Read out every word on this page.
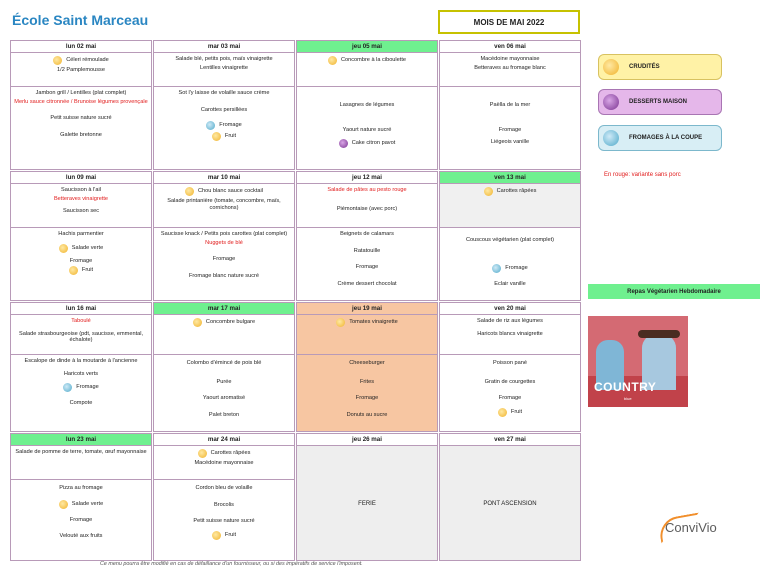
École Saint Marceau	MOIS DE MAI 2022
lun 02 mai
Céleri rémoulade
1/2 Pamplemousse
Jambon grill / Lentilles (plat complet)
Merlu sauce citronnée / Brunoise légumes provençale
Petit suisse nature sucré
Galette bretonne
mar 03 mai
Salade blé, petits pois, maïs vinaigrette
Lentilles vinaigrette
Sot l'y laisse de volaille sauce crème
Carottes persillées
Fromage
Fruit
jeu 05 mai
Concombre à la ciboulette
Lasagnes de légumes
Yaourt nature sucré
Cake citron pavot
ven 06 mai
Macédoine mayonnaise
Betteraves au fromage blanc
Paëlla de la mer
Fromage
Liégeois vanille
lun 09 mai
Saucisson à l'ail
Betteraves vinaigrette
Saucisson sec
Hachis parmentier
Salade verte
Fromage
Fruit
mar 10 mai
Chou blanc sauce cocktail
Salade printanière (tomate, concombre, maïs, cornichons)
Saucisse knack / Petits pois carottes (plat complet)
Nuggets de blé
Fromage
Fromage blanc nature sucré
jeu 12 mai
Salade de pâtes au pesto rouge
Piémontaise (avec porc)
Beignets de calamars
Ratatouille
Fromage
Crème dessert chocolat
ven 13 mai
Carottes râpées
Couscous végétarien (plat complet)
Fromage
Eclair vanille
lun 16 mai
Taboulé
Salade strasbourgeoise (pdt, saucisse, emmental, échalote)
Escalope de dinde à la moutarde à l'ancienne
Haricots verts
Fromage
Compote
mar 17 mai
Concombre bulgare
Colombo d'émincé de pois blé
Purée
Yaourt aromatisé
Palet breton
jeu 19 mai
Tomates vinaigrette
Cheeseburger
Frites
Fromage
Donuts au sucre
ven 20 mai
Salade de riz aux légumes
Haricots blancs vinaigrette
Poisson pané
Gratin de courgettes
Fromage
Fruit
lun 23 mai
Salade de pomme de terre, tomate, œuf mayonnaise
Pizza au fromage
Salade verte
Fromage
Velouté aux fruits
mar 24 mai
Carottes râpées
Macédoine mayonnaise
Cordon bleu de volaille
Brocolis
Petit suisse nature sucré
Fruit
jeu 26 mai
FERIE
ven 27 mai
PONT ASCENSION
CRUDITÉS
DESSERTS MAISON
FROMAGES À LA COUPE
En rouge: variante sans porc
Repas Végétarien Hebdomadaire
COUNTRY
blue
ConviVio
Ce menu pourra être modifié en cas de défaillance d'un fournisseur, ou si des impératifs de service l'imposent.
